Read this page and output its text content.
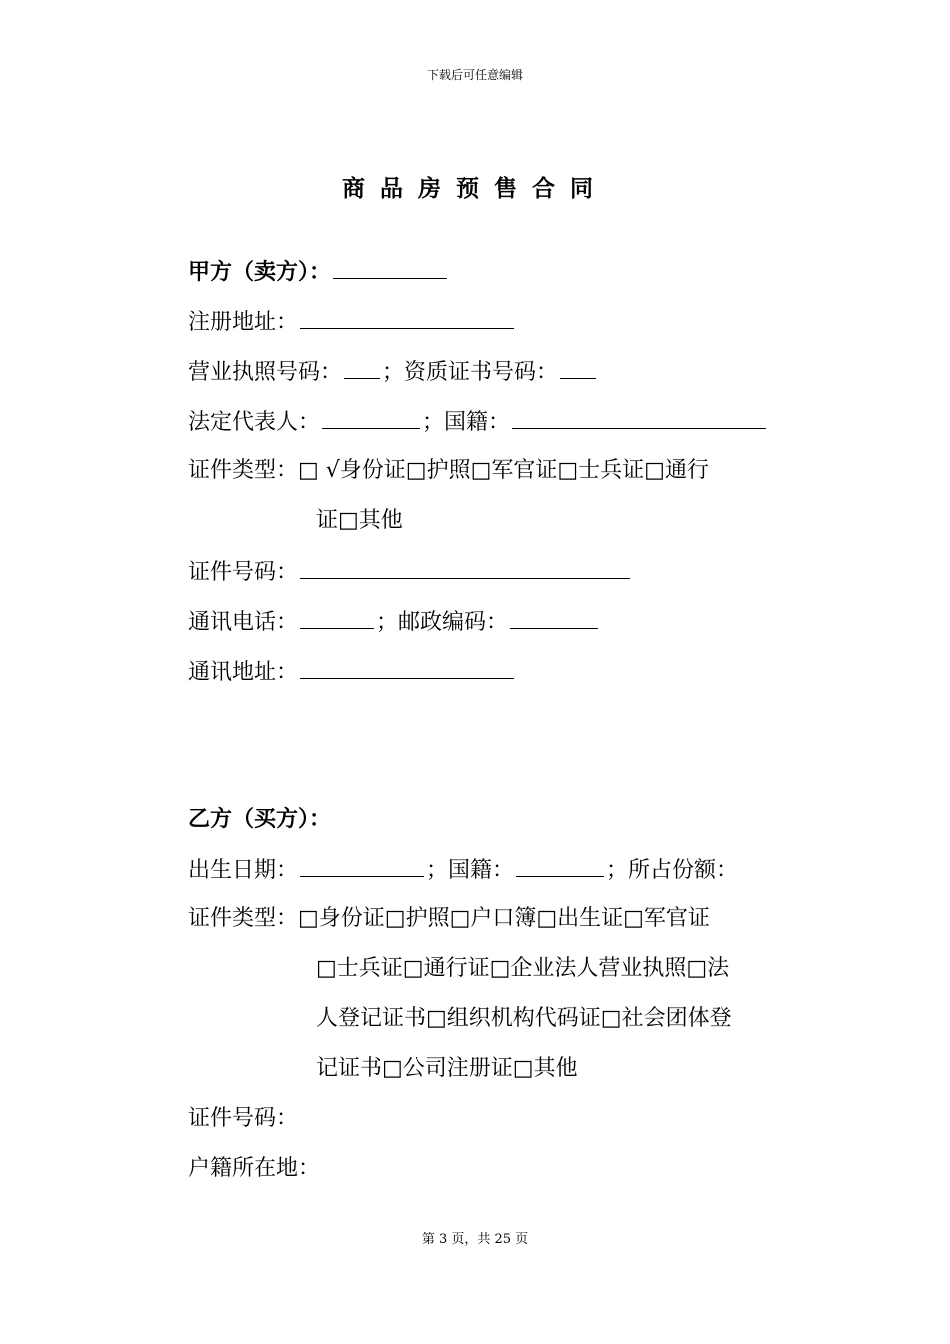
下载后可任意编辑
商品房预售合同
甲方（卖方）：
注册地址：
营业执照号码： ；资质证书号码：
法定代表人：	；国籍：
证件类型：□ √身份证□护照□军官证□士兵证□通行
证□其他
证件号码：
通讯电话：	；邮政编码：
通讯地址：
乙方（买方）：
出生日期：	；国籍：	；所占份额：
证件类型：□身份证□护照□户口簿□出生证□军官证
□士兵证□通行证□企业法人营业执照□法
人登记证书□组织机构代码证□社会团体登
记证书□公司注册证□其他
证件号码：
户籍所在地：
第 3 页，共 25 页
